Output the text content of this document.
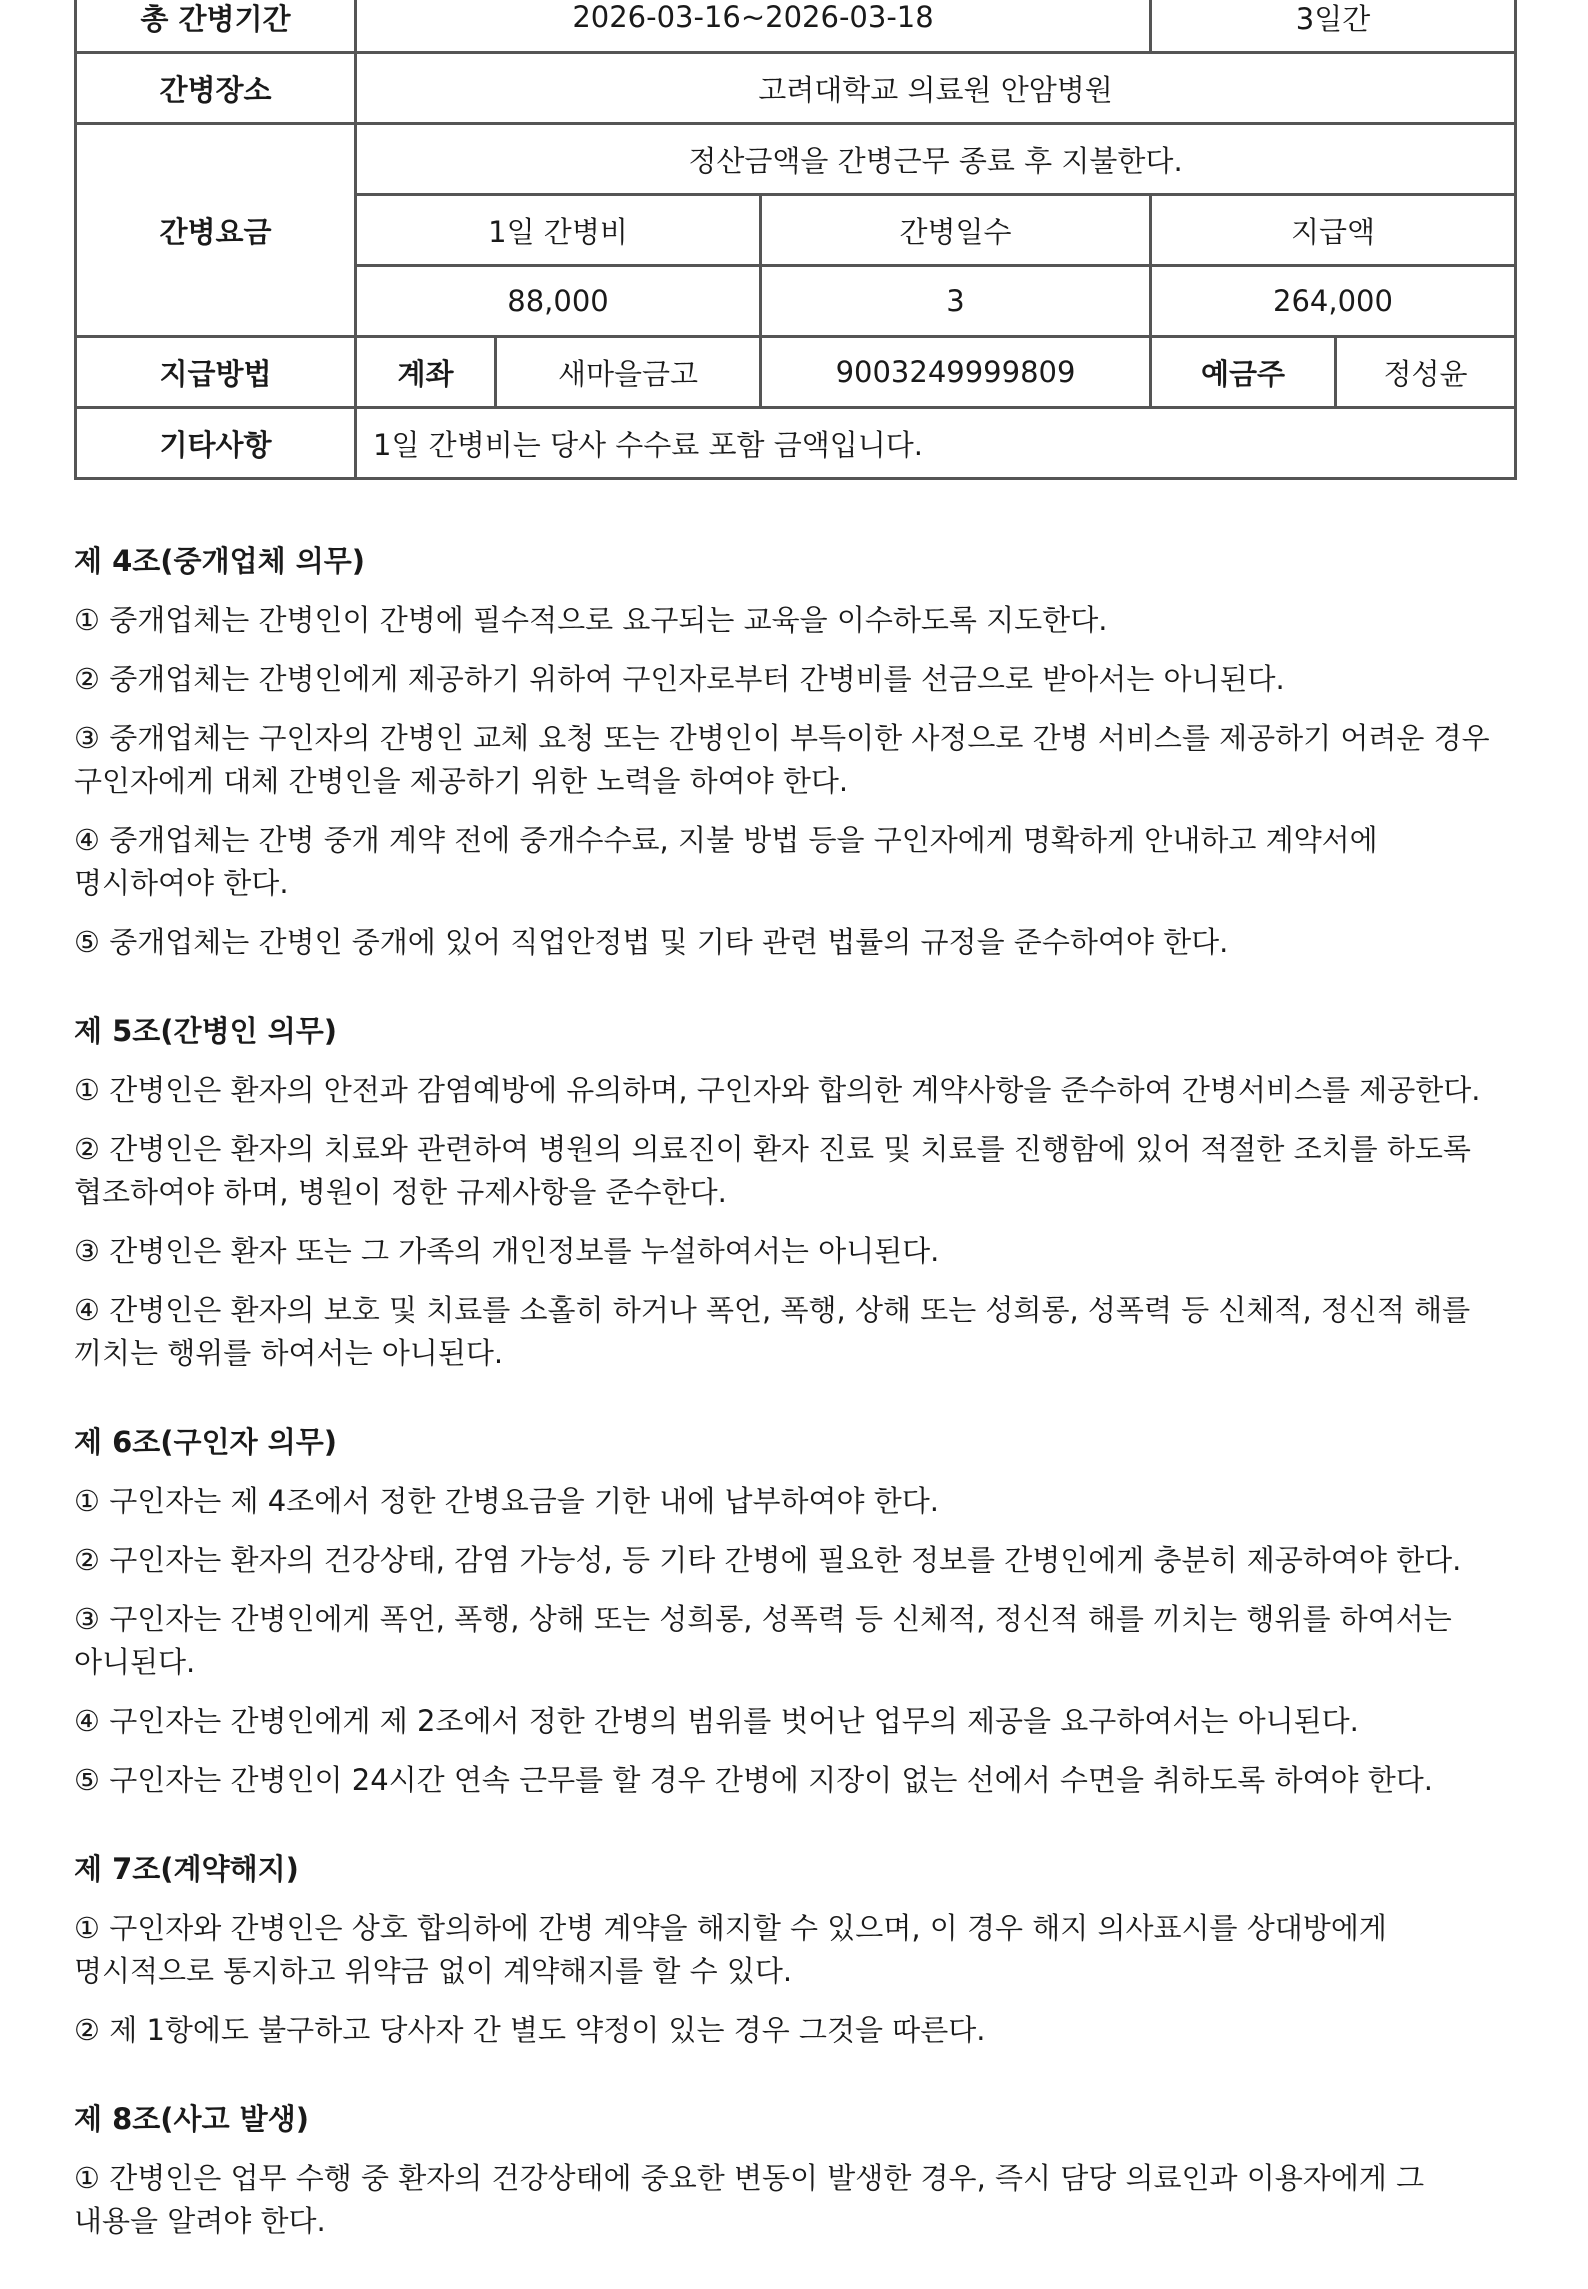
총 간병기간	2026-03-16~2026-03-18			3일간	
간병장소	고려대학교 의료원 안암병원				
간병요금	정산금액을 간병근무 종료 후 지불한다.				
	1일 간병비		간병일수	지급액	
	88,000		3	264,000	
지급방법	계좌	새마을금고	9003249999809	예금주	정성윤
기타사항	1일 간병비는 당사 수수료 포함 금액입니다.				
제 4조(중개업체 의무)

① 중개업체는 간병인이 간병에 필수적으로 요구되는 교육을 이수하도록 지도한다.

② 중개업체는 간병인에게 제공하기 위하여 구인자로부터 간병비를 선금으로 받아서는 아니된다.

③ 중개업체는 구인자의 간병인 교체 요청 또는 간병인이 부득이한 사정으로 간병 서비스를 제공하기 어려운 경우 구인자에게 대체 간병인을 제공하기 위한 노력을 하여야 한다.

④ 중개업체는 간병 중개 계약 전에 중개수수료, 지불 방법 등을 구인자에게 명확하게 안내하고 계약서에 명시하여야 한다.

⑤ 중개업체는 간병인 중개에 있어 직업안정법 및 기타 관련 법률의 규정을 준수하여야 한다.

제 5조(간병인 의무)

① 간병인은 환자의 안전과 감염예방에 유의하며, 구인자와 합의한 계약사항을 준수하여 간병서비스를 제공한다.

② 간병인은 환자의 치료와 관련하여 병원의 의료진이 환자 진료 및 치료를 진행함에 있어 적절한 조치를 하도록 협조하여야 하며, 병원이 정한 규제사항을 준수한다.

③ 간병인은 환자 또는 그 가족의 개인정보를 누설하여서는 아니된다.

④ 간병인은 환자의 보호 및 치료를 소홀히 하거나 폭언, 폭행, 상해 또는 성희롱, 성폭력 등 신체적, 정신적 해를 끼치는 행위를 하여서는 아니된다.

제 6조(구인자 의무)

① 구인자는 제 4조에서 정한 간병요금을 기한 내에 납부하여야 한다.

② 구인자는 환자의 건강상태, 감염 가능성, 등 기타 간병에 필요한 정보를 간병인에게 충분히 제공하여야 한다.

③ 구인자는 간병인에게 폭언, 폭행, 상해 또는 성희롱, 성폭력 등 신체적, 정신적 해를 끼치는 행위를 하여서는 아니된다.

④ 구인자는 간병인에게 제 2조에서 정한 간병의 범위를 벗어난 업무의 제공을 요구하여서는 아니된다.

⑤ 구인자는 간병인이 24시간 연속 근무를 할 경우 간병에 지장이 없는 선에서 수면을 취하도록 하여야 한다.

제 7조(계약해지)

① 구인자와 간병인은 상호 합의하에 간병 계약을 해지할 수 있으며, 이 경우 해지 의사표시를 상대방에게 명시적으로 통지하고 위약금 없이 계약해지를 할 수 있다.

② 제 1항에도 불구하고 당사자 간 별도 약정이 있는 경우 그것을 따른다.

제 8조(사고 발생)

① 간병인은 업무 수행 중 환자의 건강상태에 중요한 변동이 발생한 경우, 즉시 담당 의료인과 이용자에게 그 내용을 알려야 한다.
